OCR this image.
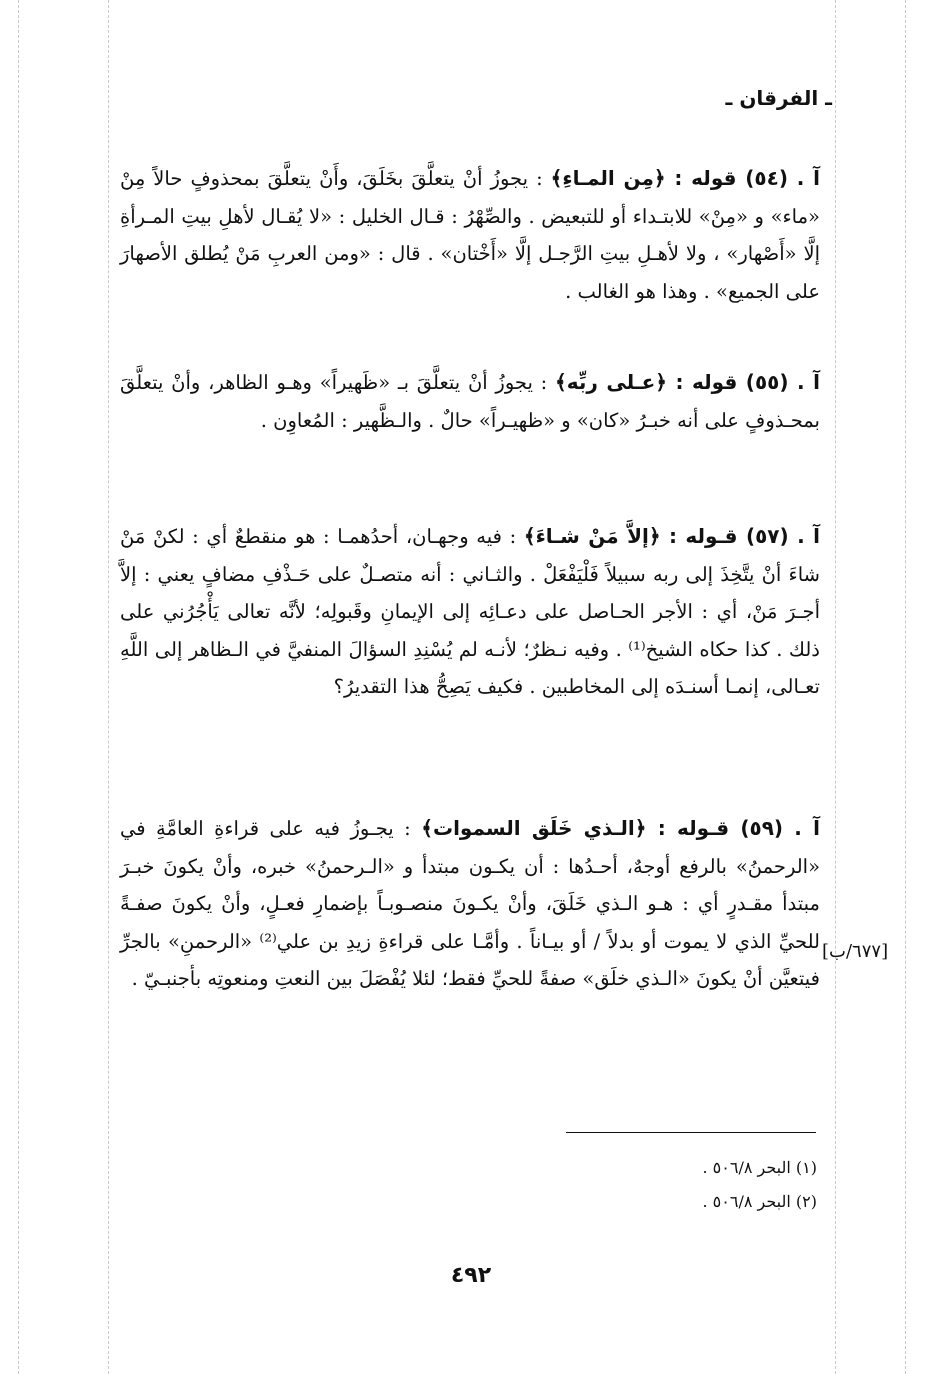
ـ الفرقان ـ
آ . (٥٤) قوله : ﴿مِن المـاءِ﴾ : يجوزُ أنْ يتعلَّقَ بخَلَقَ، وأَنْ يتعلَّقَ بمحذوفٍ حالاً مِنْ «ماء» و «مِنْ» للابتـداء أو للتبعيض . والصِّهْرُ : قـال الخليل : «لا يُقـال لأهلِ بيتِ المـرأةِ إلَّا «أَصْهار» ، ولا لأهـلِ بيتِ الرَّجـل إلَّا «أَخْتان» . قال : «ومن العربِ مَنْ يُطلق الأصهارَ على الجميع» . وهذا هو الغالب .
آ . (٥٥) قوله : ﴿عـلى ربِّه﴾ : يجوزُ أنْ يتعلَّقَ بـ «ظَهيراً» وهـو الظاهر، وأنْ يتعلَّقَ بمحـذوفٍ على أنه خبـرُ «كان» و «ظهيـراً» حالٌ . والـظَّهير : المُعاوِن .
آ . (٥٧) قـوله : ﴿إلاَّ مَنْ شـاءَ﴾ : فيه وجهـان، أحدُهمـا : هو منقطعٌ أي : لكنْ مَنْ شاءَ أنْ يتَّخِذَ إلى ربه سبيلاً فَلْيَفْعَلْ . والثـاني : أنه متصـلٌ على حَـذْفِ مضافٍ يعني : إلاَّ أجـرَ مَنْ، أي : الأجر الحـاصل على دعـائِه إلى الإيمانِ وقَبولِه؛ لأنَّه تعالى يَأْجُرُني على ذلك . كذا حكاه الشيخ⁽¹⁾ . وفيه نـظرٌ؛ لأنـه لم يُسْنِدِ السؤالَ المنفيَّ في الـظاهر إلى اللَّهِ تعـالى، إنمـا أسنـدَه إلى المخاطبين . فكيف يَصِحُّ هذا التقديرُ؟
آ . (٥٩) قـوله : ﴿الـذي خَلَق السموات﴾ : يجـوزُ فيه على قراءةِ العامَّةِ في «الرحمنُ» بالرفع أوجهٌ، أحـدُها : أن يكـون مبتدأ و «الـرحمنُ» خبره، وأنْ يكونَ خبـرَ مبتدأ مقـدرٍ أي : هـو الـذي خَلَقَ، وأنْ يكـونَ منصـوبـاً بإضمارِ فعـلٍ، وأنْ يكونَ صفـةً للحيِّ الذي لا يموت أو بدلاً / أو بيـاناً . وأمَّـا على قراءةِ زيدِ بن علي⁽²⁾ «الرحمنِ» بالجرِّ فيتعيَّن أنْ يكونَ «الـذي خلَق» صفةً للحيِّ فقط؛ لئلا يُفْصَلَ بين النعتِ ومنعوتِه بأجنبـيّ .
[٦٧٧/ب]
(١) البحر ٦/٨‏٥٠ .
(٢) البحر ٦/٨‏٥٠ .
٤٩٢
